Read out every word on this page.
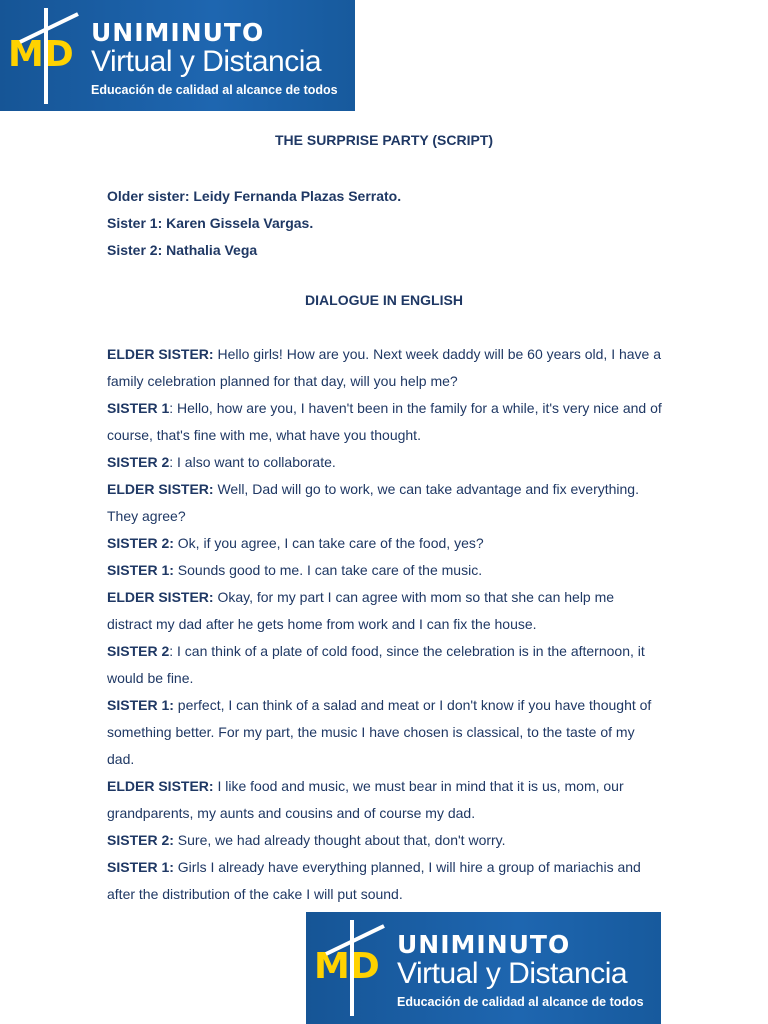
MD
UNIMINUTO
Virtual y Distancia
Educación de calidad al alcance de todos
THE SURPRISE PARTY (SCRIPT)
Older sister: Leidy Fernanda Plazas Serrato.
Sister 1: Karen Gissela Vargas.
Sister 2: Nathalia Vega
DIALOGUE IN ENGLISH

ELDER SISTER: Hello girls! How are you. Next week daddy will be 60 years old, I have a family celebration planned for that day, will you help me?

SISTER 1: Hello, how are you, I haven't been in the family for a while, it's very nice and of course, that's fine with me, what have you thought.

SISTER 2: I also want to collaborate.

ELDER SISTER: Well, Dad will go to work, we can take advantage and fix everything. They agree?

SISTER 2: Ok, if you agree, I can take care of the food, yes?

SISTER 1: Sounds good to me. I can take care of the music.

ELDER SISTER: Okay, for my part I can agree with mom so that she can help me distract my dad after he gets home from work and I can fix the house.

SISTER 2: I can think of a plate of cold food, since the celebration is in the afternoon, it would be fine.

SISTER 1: perfect, I can think of a salad and meat or I don't know if you have thought of something better. For my part, the music I have chosen is classical, to the taste of my dad.

ELDER SISTER: I like food and music, we must bear in mind that it is us, mom, our grandparents, my aunts and cousins and of course my dad.

SISTER 2: Sure, we had already thought about that, don't worry.

SISTER 1: Girls I already have everything planned, I will hire a group of mariachis and after the distribution of the cake I will put sound.

MD
UNIMINUTO
Virtual y Distancia
Educación de calidad al alcance de todos
